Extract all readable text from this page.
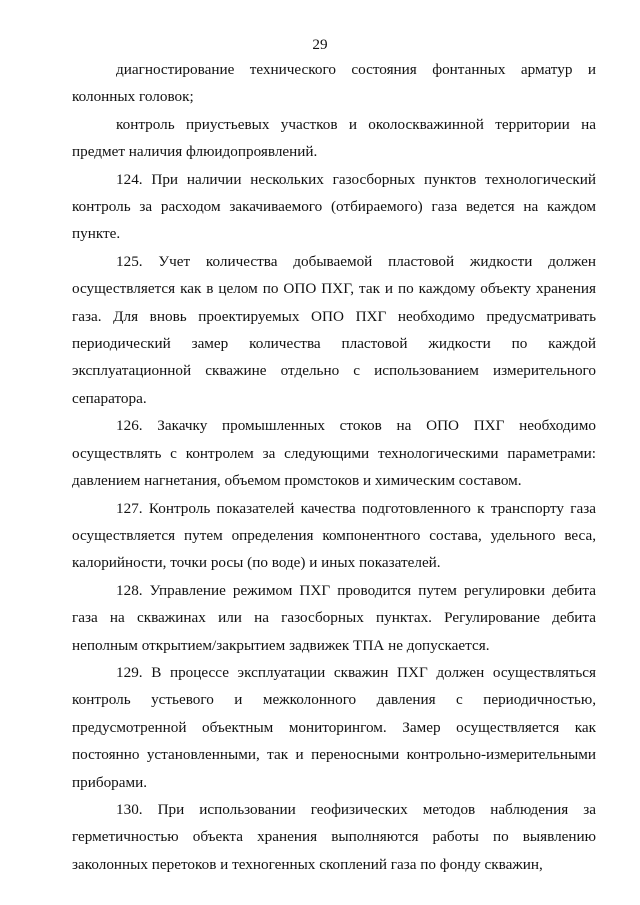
29

диагностирование технического состояния фонтанных арматур и колонных головок;

контроль приустьевых участков и околоскважинной территории на предмет наличия флюидопроявлений.

124. При наличии нескольких газосборных пунктов технологический контроль за расходом закачиваемого (отбираемого) газа ведется на каждом пункте.

125. Учет количества добываемой пластовой жидкости должен осуществляется как в целом по ОПО ПХГ, так и по каждому объекту хранения газа. Для вновь проектируемых ОПО ПХГ необходимо предусматривать периодический замер количества пластовой жидкости по каждой эксплуатационной скважине отдельно с использованием измерительного сепаратора.

126. Закачку промышленных стоков на ОПО ПХГ необходимо осуществлять с контролем за следующими технологическими параметрами: давлением нагнетания, объемом промстоков и химическим составом.

127. Контроль показателей качества подготовленного к транспорту газа осуществляется путем определения компонентного состава, удельного веса, калорийности, точки росы (по воде) и иных показателей.

128. Управление режимом ПХГ проводится путем регулировки дебита газа на скважинах или на газосборных пунктах. Регулирование дебита неполным открытием/закрытием задвижек ТПА не допускается.

129. В процессе эксплуатации скважин ПХГ должен осуществляться контроль устьевого и межколонного давления с периодичностью, предусмотренной объектным мониторингом. Замер осуществляется как постоянно установленными, так и переносными контрольно-измерительными приборами.

130. При использовании геофизических методов наблюдения за герметичностью объекта хранения выполняются работы по выявлению заколонных перетоков и техногенных скоплений газа по фонду скважин,
